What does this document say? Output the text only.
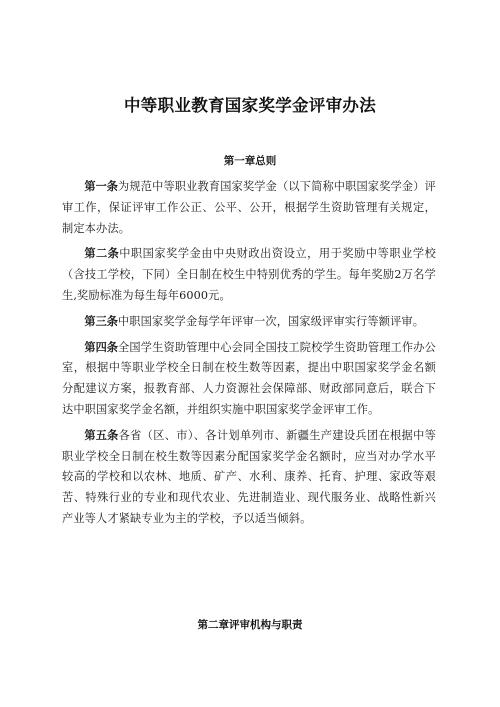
中等职业教育国家奖学金评审办法
第一章总则

第一条为规范中等职业教育国家奖学金（以下简称中职国家奖学金）评审工作，保证评审工作公正、公平、公开，根据学生资助管理有关规定，制定本办法。

第二条中职国家奖学金由中央财政出资设立，用于奖励中等职业学校（含技工学校，下同）全日制在校生中特别优秀的学生。每年奖励2万名学生,奖励标准为每生每年6000元。

第三条中职国家奖学金每学年评审一次，国家级评审实行等额评审。

第四条全国学生资助管理中心会同全国技工院校学生资助管理工作办公室，根据中等职业学校全日制在校生数等因素，提出中职国家奖学金名额分配建议方案，报教育部、人力资源社会保障部、财政部同意后，联合下达中职国家奖学金名额，并组织实施中职国家奖学金评审工作。

第五条各省（区、市）、各计划单列市、新疆生产建设兵团在根据中等职业学校全日制在校生数等因素分配国家奖学金名额时，应当对办学水平较高的学校和以农林、地质、矿产、水利、康养、托育、护理、家政等艰苦、特殊行业的专业和现代农业、先进制造业、现代服务业、战略性新兴产业等人才紧缺专业为主的学校，予以适当倾斜。

第二章评审机构与职责
